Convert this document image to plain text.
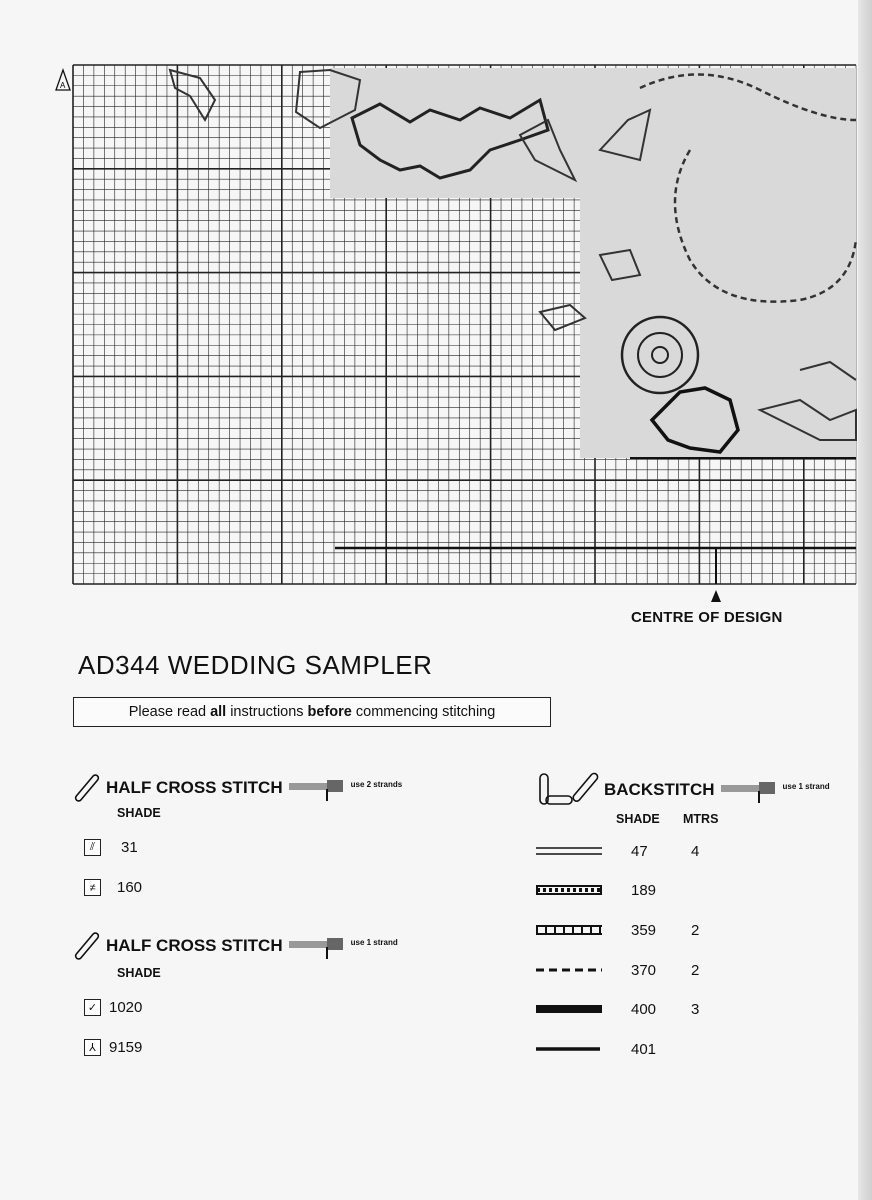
A
CENTRE OF DESIGN
AD344 WEDDING SAMPLER
Please read all instructions before commencing stitching
HALF CROSS STITCH	use 2 strands
SHADE
⫽	31
≠	160
HALF CROSS STITCH	use 1 strand
SHADE
✓ 1020
⅄ 9159
BACKSTITCH	use 1 strand
SHADE MTRS
47	4
189
359 2
370 2
400 3
401
